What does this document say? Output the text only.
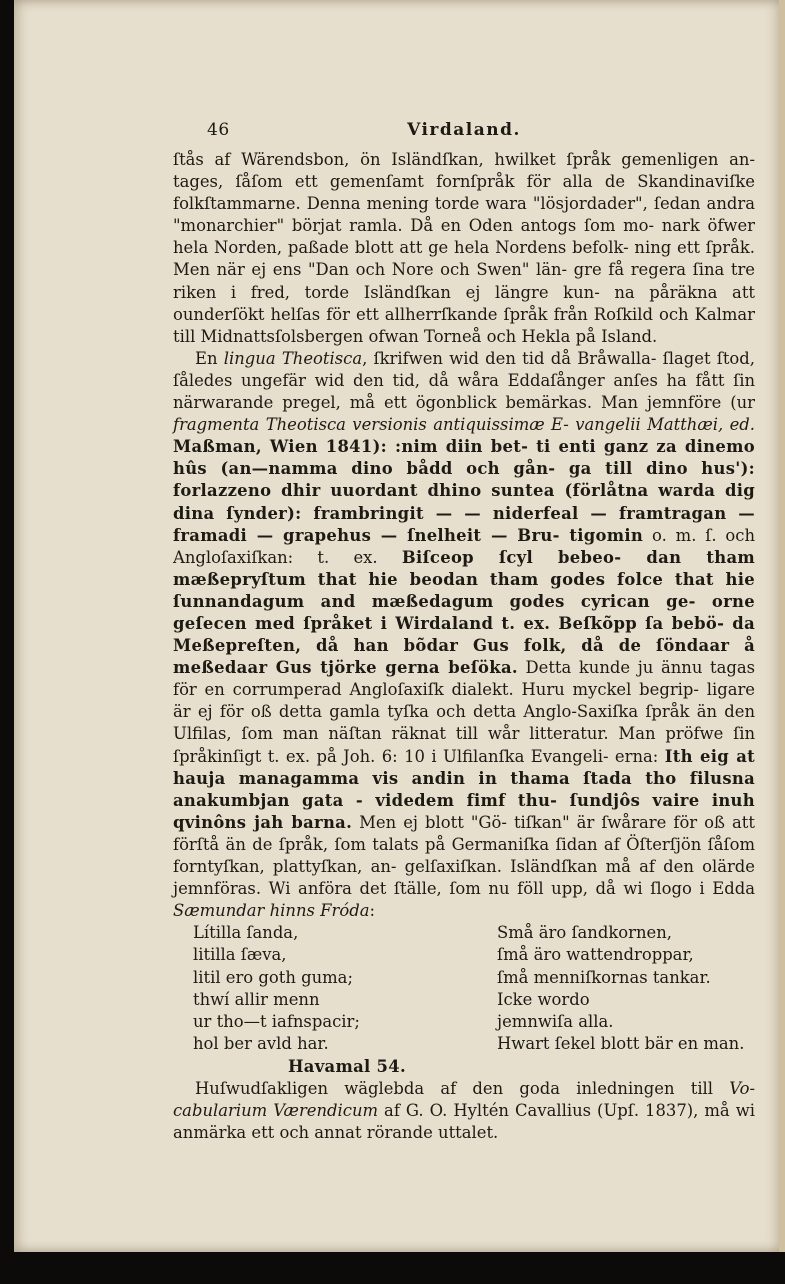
46	Virdaland.

ſtås af Wärendsbon, ön Isländſkan, hwilket ſpråk gemenligen an- tages, ſåſom ett gemenſamt fornſpråk för alla de Skandinaviſke folkſtammarne. Denna mening torde wara "lösjordader", ſedan andra "monarchier" börjat ramla. Då en Oden antogs ſom mo- nark öfwer hela Norden, paßade blott att ge hela Nordens befolk- ning ett ſpråk. Men när ej ens "Dan och Nore och Swen" län- gre få regera ſina tre riken i fred, torde Isländſkan ej längre kun- na påräkna att ounderſökt helſas för ett allherrſkande ſpråk från Roſkild och Kalmar till Midnattsſolsbergen ofwan Torneå och Hekla på Island.

En lingua Theotisca, ſkrifwen wid den tid då Bråwalla- ſlaget ſtod, ſåledes ungefär wid den tid, då wåra Eddaſånger anſes ha fått ſin närwarande pregel, må ett ögonblick bemärkas. Man jemnföre (ur fragmenta Theotisca versionis antiquissimæ E- vangelii Matthæi, ed. Maßman, Wien 1841): :nim diin bet- ti enti ganz za dinemo hûs (an—namma dino bådd och gån- ga till dino hus'): forlazzeno dhir uuordant dhino suntea (förlåtna warda dig dina ſynder): frambringit — — niderfeal — framtragan — framadi — grapehus — ſnelheit — Bru- tigomin o. m. ſ. och Angloſaxiſkan: t. ex. Biſceop ſcyl bebeo- dan tham mæßepryſtum that hie beodan tham godes folce that hie ſunnandagum and mæßedagum godes cyrican ge- orne geſecen med ſpråket i Wirdaland t. ex. Beſkõpp ſa bebö- da Meßepreſten, då han bõdar Gus folk, då de ſöndaar å meßedaar Gus tjörke gerna beſöka. Detta kunde ju ännu tagas för en corrumperad Angloſaxiſk dialekt. Huru myckel begrip- ligare är ej för oß detta gamla tyſka och detta Anglo-Saxiſka ſpråk än den Ulfilas, ſom man näſtan räknat till wår litteratur. Man pröfwe ſin ſpråkinſigt t. ex. på Joh. 6: 10 i Ulfilanſka Evangeli- erna: Ith eig at hauja managamma vis andin in thama ſtada tho filusna anakumbjan gata - videdem fimf thu- ſundjôs vaire inuh qvinôns jah barna. Men ej blott "Gö- tiſkan" är ſwårare för oß att förſtå än de ſpråk, ſom talats på Germaniſka ſidan af Öſterſjön ſåſom forntyſkan, plattyſkan, an- gelſaxiſkan. Isländſkan må af den olärde jemnföras. Wi anföra det ſtälle, ſom nu föll upp, då wi ſlogo i Edda Sæmundar hinns Fróda:

Lítilla ſanda,	Små äro ſandkornen,
litilla ſæva,	ſmå äro wattendroppar,
litil ero goth guma;	ſmå menniſkornas tankar.
thwí allir menn	Icke wordo
ur tho—t iafnspacir;	jemnwiſa alla.
hol ber avld har.	Hwart ſekel blott bär en man.
Havamal 54.

Huſwudſakligen wäglebda af den goda inledningen till Vo- cabularium Værendicum af G. O. Hyltén Cavallius (Upſ. 1837), må wi anmärka ett och annat rörande uttalet.
